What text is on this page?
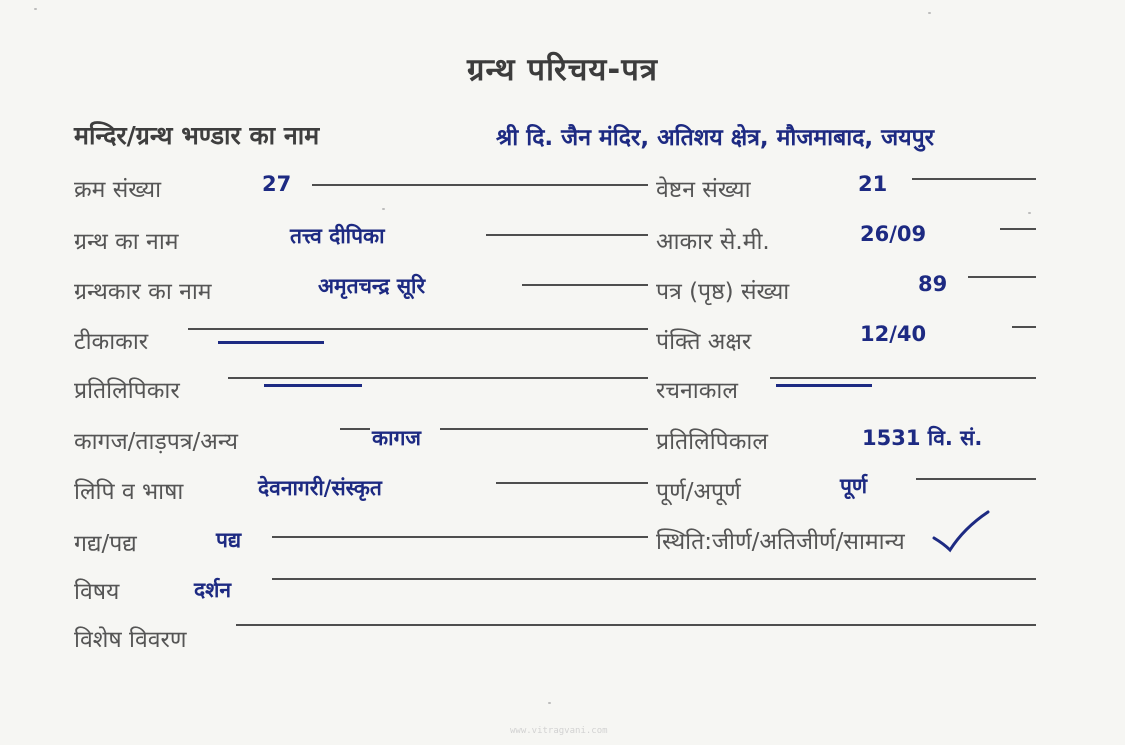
ग्रन्थ परिचय-पत्र
मन्दिर/ग्रन्थ भण्डार का नाम	श्री दि. जैन मंदिर, अतिशय क्षेत्र, मौजमाबाद, जयपुर
क्रम संख्या	27
ग्रन्थ का नाम	तत्त्व दीपिका
ग्रन्थकार का नाम	अमृतचन्द्र सूरि
टीकाकार
प्रतिलिपिकार
कागज/ताड़पत्र/अन्य	कागज
लिपि व भाषा	देवनागरी/संस्कृत
गद्य/पद्य	पद्य
विषय	दर्शन
विशेष विवरण
वेष्टन संख्या	21
आकार से.मी.	26/09
पत्र (पृष्ठ) संख्या	89
पंक्ति अक्षर	12/40
रचनाकाल
प्रतिलिपिकाल	1531 वि. सं.
पूर्ण/अपूर्ण	पूर्ण
स्थिति:जीर्ण/अतिजीर्ण/सामान्य
www.vitragvani.com
